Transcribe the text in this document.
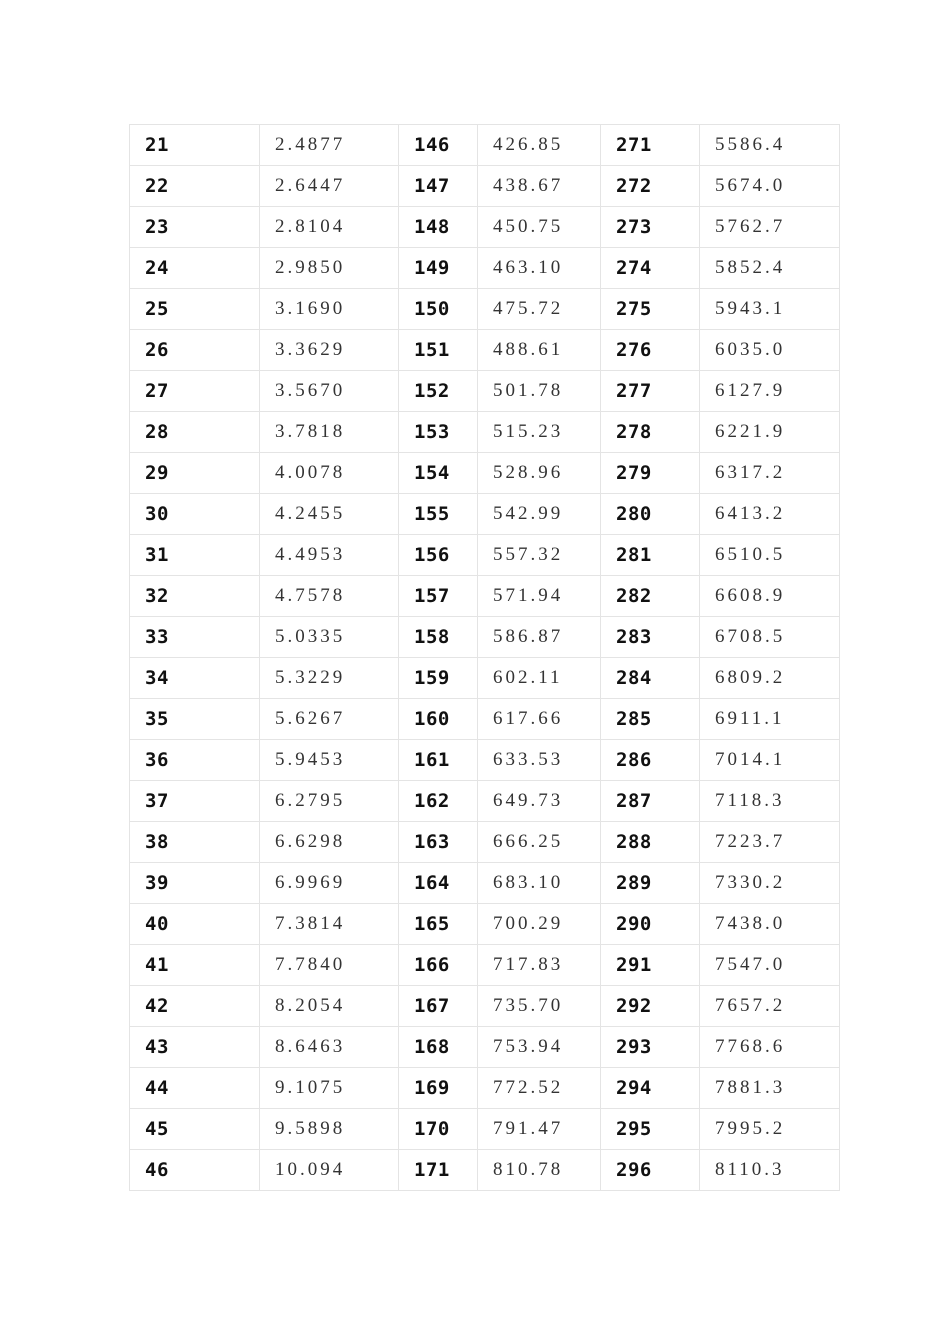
21	2.4877	146	426.85	271	5586.4
22	2.6447	147	438.67	272	5674.0
23	2.8104	148	450.75	273	5762.7
24	2.9850	149	463.10	274	5852.4
25	3.1690	150	475.72	275	5943.1
26	3.3629	151	488.61	276	6035.0
27	3.5670	152	501.78	277	6127.9
28	3.7818	153	515.23	278	6221.9
29	4.0078	154	528.96	279	6317.2
30	4.2455	155	542.99	280	6413.2
31	4.4953	156	557.32	281	6510.5
32	4.7578	157	571.94	282	6608.9
33	5.0335	158	586.87	283	6708.5
34	5.3229	159	602.11	284	6809.2
35	5.6267	160	617.66	285	6911.1
36	5.9453	161	633.53	286	7014.1
37	6.2795	162	649.73	287	7118.3
38	6.6298	163	666.25	288	7223.7
39	6.9969	164	683.10	289	7330.2
40	7.3814	165	700.29	290	7438.0
41	7.7840	166	717.83	291	7547.0
42	8.2054	167	735.70	292	7657.2
43	8.6463	168	753.94	293	7768.6
44	9.1075	169	772.52	294	7881.3
45	9.5898	170	791.47	295	7995.2
46	10.094	171	810.78	296	8110.3
